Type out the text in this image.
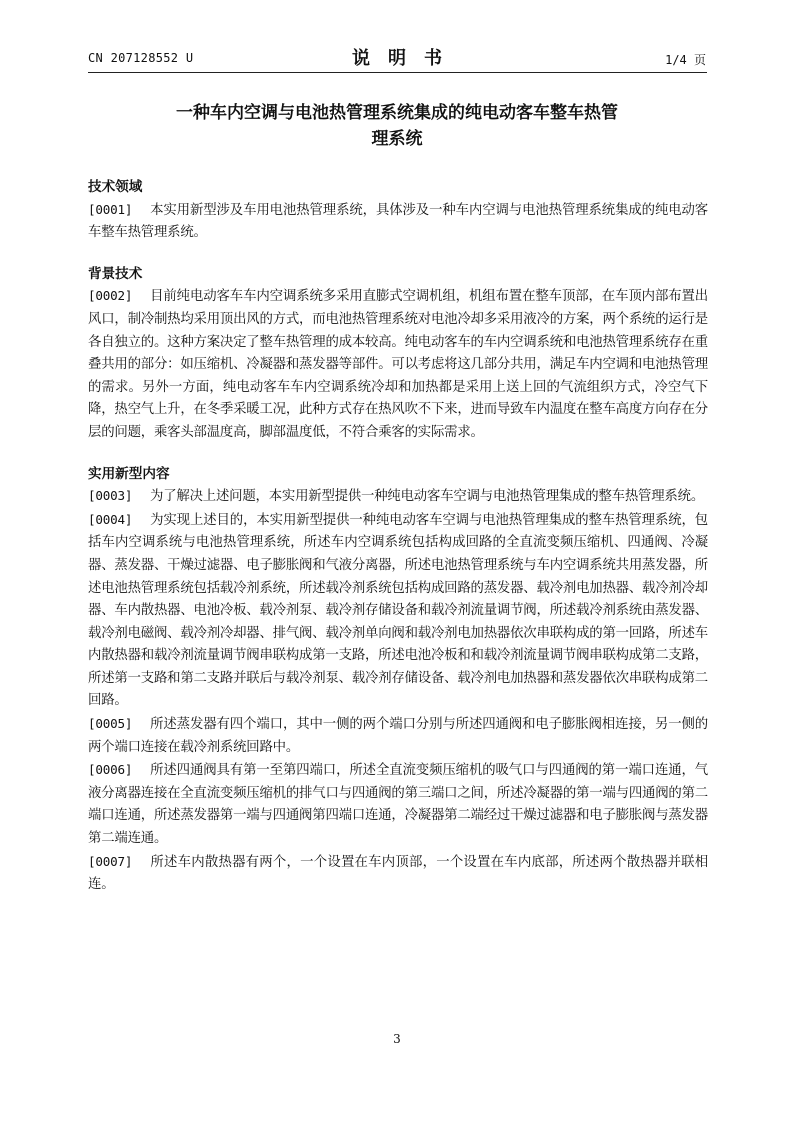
CN 207128552 U	说　明　书	1/4 页
一种车内空调与电池热管理系统集成的纯电动客车整车热管
理系统
技术领域

[0001] 本实用新型涉及车用电池热管理系统，具体涉及一种车内空调与电池热管理系统集成的纯电动客车整车热管理系统。

背景技术

[0002] 目前纯电动客车车内空调系统多采用直膨式空调机组，机组布置在整车顶部，在车顶内部布置出风口，制冷制热均采用顶出风的方式，而电池热管理系统对电池冷却多采用液冷的方案，两个系统的运行是各自独立的。这种方案决定了整车热管理的成本较高。纯电动客车的车内空调系统和电池热管理系统存在重叠共用的部分：如压缩机、冷凝器和蒸发器等部件。可以考虑将这几部分共用，满足车内空调和电池热管理的需求。另外一方面，纯电动客车车内空调系统冷却和加热都是采用上送上回的气流组织方式，冷空气下降，热空气上升，在冬季采暖工况，此种方式存在热风吹不下来，进而导致车内温度在整车高度方向存在分层的问题，乘客头部温度高，脚部温度低，不符合乘客的实际需求。

实用新型内容

[0003] 为了解决上述问题，本实用新型提供一种纯电动客车空调与电池热管理集成的整车热管理系统。

[0004] 为实现上述目的，本实用新型提供一种纯电动客车空调与电池热管理集成的整车热管理系统，包括车内空调系统与电池热管理系统，所述车内空调系统包括构成回路的全直流变频压缩机、四通阀、冷凝器、蒸发器、干燥过滤器、电子膨胀阀和气液分离器，所述电池热管理系统与车内空调系统共用蒸发器，所述电池热管理系统包括载冷剂系统，所述载冷剂系统包括构成回路的蒸发器、载冷剂电加热器、载冷剂冷却器、车内散热器、电池冷板、载冷剂泵、载冷剂存储设备和载冷剂流量调节阀，所述载冷剂系统由蒸发器、载冷剂电磁阀、载冷剂冷却器、排气阀、载冷剂单向阀和载冷剂电加热器依次串联构成的第一回路，所述车内散热器和载冷剂流量调节阀串联构成第一支路，所述电池冷板和和载冷剂流量调节阀串联构成第二支路，所述第一支路和第二支路并联后与载冷剂泵、载冷剂存储设备、载冷剂电加热器和蒸发器依次串联构成第二回路。

[0005] 所述蒸发器有四个端口，其中一侧的两个端口分别与所述四通阀和电子膨胀阀相连接，另一侧的两个端口连接在载冷剂系统回路中。

[0006] 所述四通阀具有第一至第四端口，所述全直流变频压缩机的吸气口与四通阀的第一端口连通，气液分离器连接在全直流变频压缩机的排气口与四通阀的第三端口之间，所述冷凝器的第一端与四通阀的第二端口连通，所述蒸发器第一端与四通阀第四端口连通，冷凝器第二端经过干燥过滤器和电子膨胀阀与蒸发器第二端连通。

[0007] 所述车内散热器有两个，一个设置在车内顶部，一个设置在车内底部，所述两个散热器并联相连。

3
